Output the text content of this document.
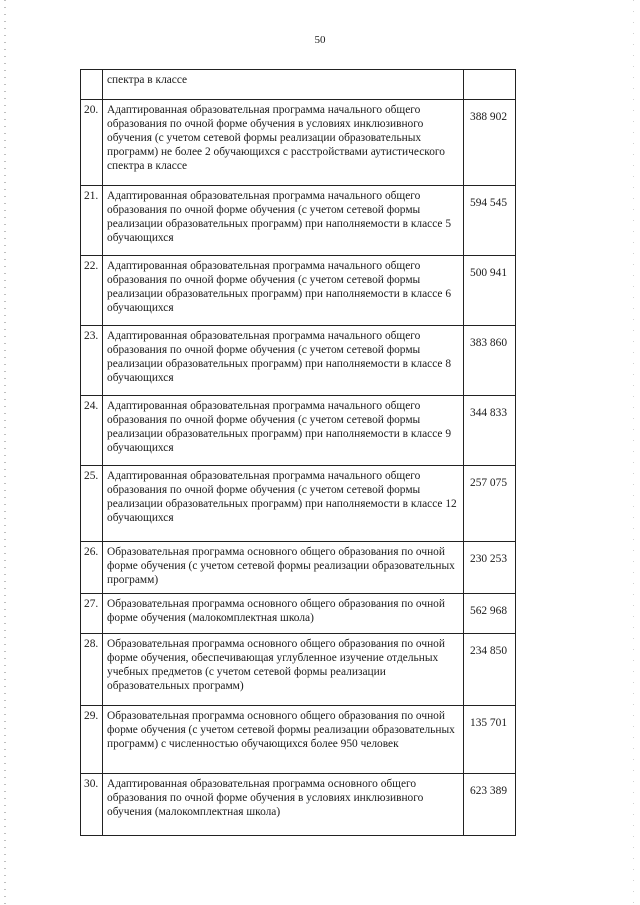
50
	спектра в классе	
20.	Адаптированная образовательная программа начального общего образования по очной форме обучения в условиях инклюзивного обучения (с учетом сетевой формы реализации образовательных программ) не более 2 обучающихся с расстройствами аутистического спектра в классе	388 902
21.	Адаптированная образовательная программа начального общего образования по очной форме обучения (с учетом сетевой формы реализации образовательных программ) при наполняемости в классе 5 обучающихся	594 545
22.	Адаптированная образовательная программа начального общего образования по очной форме обучения (с учетом сетевой формы реализации образовательных программ) при наполняемости в классе 6 обучающихся	500 941
23.	Адаптированная образовательная программа начального общего образования по очной форме обучения (с учетом сетевой формы реализации образовательных программ) при наполняемости в классе 8 обучающихся	383 860
24.	Адаптированная образовательная программа начального общего образования по очной форме обучения (с учетом сетевой формы реализации образовательных программ) при наполняемости в классе 9 обучающихся	344 833
25.	Адаптированная образовательная программа начального общего образования по очной форме обучения (с учетом сетевой формы реализации образовательных программ) при наполняемости в классе 12 обучающихся	257 075
26.	Образовательная программа основного общего образования по очной форме обучения (с учетом сетевой формы реализации образовательных программ)	230 253
27.	Образовательная программа основного общего образования по очной форме обучения (малокомплектная школа)	562 968
28.	Образовательная программа основного общего образования по очной форме обучения, обеспечивающая углубленное изучение отдельных учебных предметов (с учетом сетевой формы реализации образовательных программ)	234 850
29.	Образовательная программа основного общего образования по очной форме обучения (с учетом сетевой формы реализации образовательных программ) с численностью обучающихся более 950 человек	135 701
30.	Адаптированная образовательная программа основного общего образования по очной форме обучения в условиях инклюзивного обучения (малокомплектная школа)	623 389
